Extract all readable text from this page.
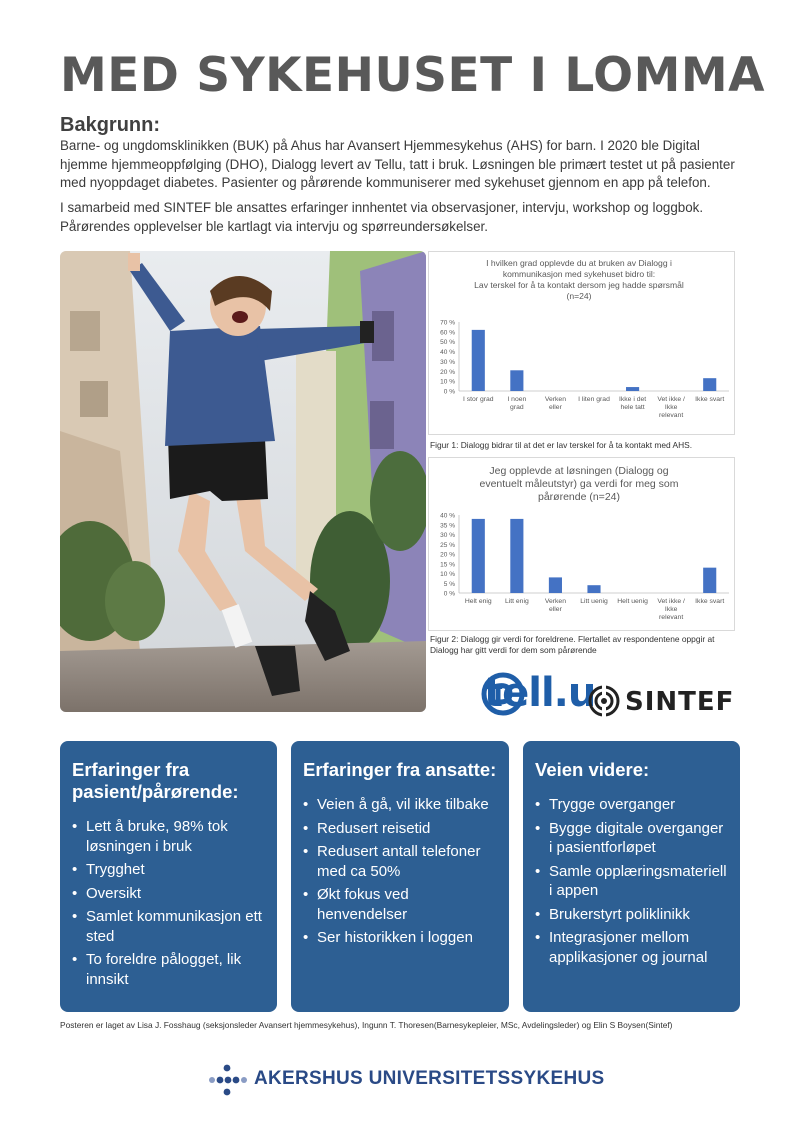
MED SYKEHUSET I LOMMA
Bakgrunn:

Barne- og ungdomsklinikken (BUK) på Ahus har Avansert Hjemmesykehus (AHS) for barn. I 2020 ble Digital hjemme hjemmeoppfølging (DHO), Dialogg levert av Tellu, tatt i bruk. Løsningen ble primært testet ut på pasienter med nyoppdaget diabetes. Pasienter og pårørende kommuniserer med sykehuset gjennom en app på telefon.

I samarbeid med SINTEF ble ansattes erfaringer innhentet via observasjoner, intervju, workshop og loggbok. Pårørendes opplevelser ble kartlagt via intervju og spørreundersøkelser.

I hvilken grad opplevde du at bruken av Dialogg i
kommunikasjon med sykehuset bidro til:
Lav terskel for å ta kontakt dersom jeg hadde spørsmål
(n=24)
0 %
10 %
20 %
30 %
40 %
50 %
60 %
70 %
I stor grad I noen
grad
Verken
eller
I liten grad Ikke i det
hele tatt
Vet ikke /
Ikke
relevant
Ikke svart
Figur 1: Dialogg bidrar til at det er lav terskel for å ta kontakt med AHS.
Jeg opplevde at løsningen (Dialogg og
eventuelt måleutstyr) ga verdi for meg som
pårørende (n=24)
0 %
5 %
10 %
15 %
20 %
25 %
30 %
35 %
40 %
Helt enig Litt enig Verken
eller
Litt uenig Helt uenig Vet ikke /
Ikke
relevant
Ikke svart
Figur 2: Dialogg gir verdi for foreldrene. Flertallet av respondentene oppgir at Dialogg har gitt verdi for dem som pårørende
tell.u SINTEF
Erfaringer fra pasient/pårørende:
• Lett å bruke, 98% tok løsningen i bruk
• Trygghet
• Oversikt
• Samlet kommunikasjon ett sted
• To foreldre pålogget, lik innsikt
Erfaringer fra ansatte:
• Veien å gå, vil ikke tilbake
• Redusert reisetid
• Redusert antall telefoner med ca 50%
• Økt fokus ved henvendelser
• Ser historikken i loggen
Veien videre:
• Trygge overganger
• Bygge digitale overganger i pasientforløpet
• Samle opplæringsmateriell i appen
• Brukerstyrt poliklinikk
• Integrasjoner mellom applikasjoner og journal
Posteren er laget av Lisa J. Fosshaug (seksjonsleder Avansert hjemmesykehus), Ingunn T. Thoresen(Barnesykepleier, MSc, Avdelingsleder) og Elin S Boysen(Sintef)
AKERSHUS UNIVERSITETSSYKEHUS
